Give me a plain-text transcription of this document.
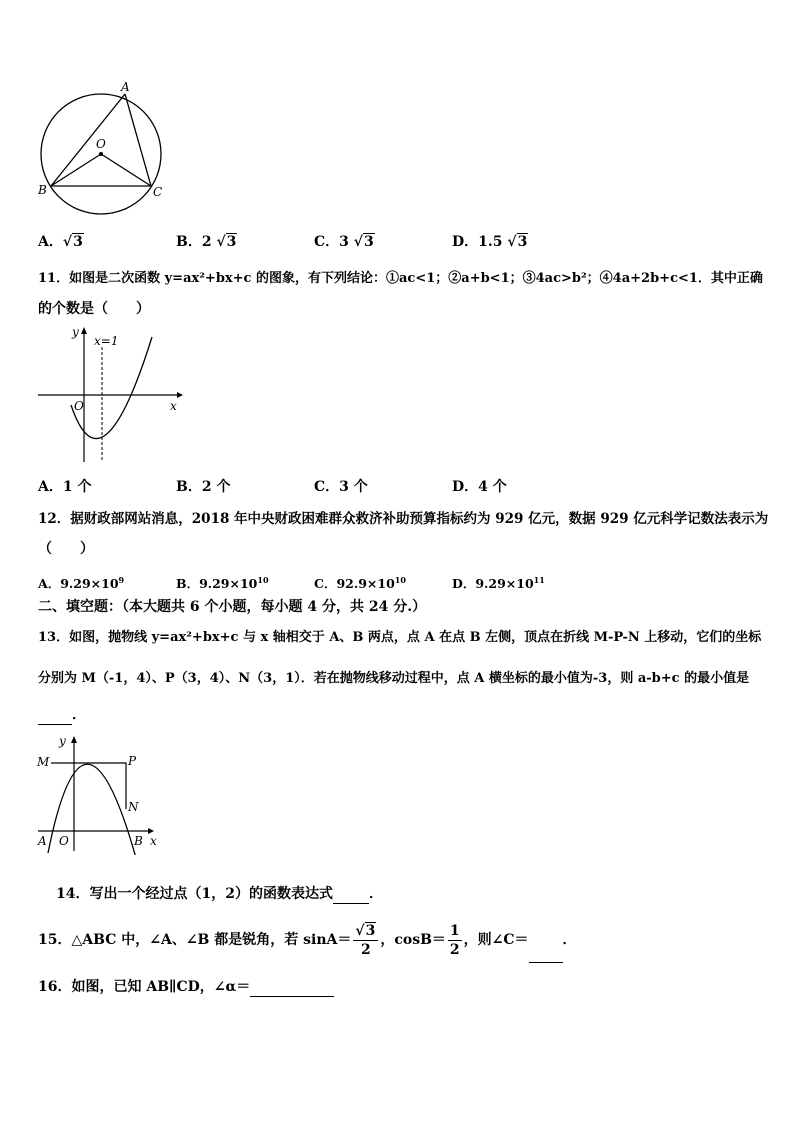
A
O
B	C
A．√3	B．2 √3	C．3 √3	D．1.5 √3
11．如图是二次函数 y=ax²+bx+c 的图象，有下列结论：①ac<1；②a+b<1；③4ac>b²；④4a+2b+c<1．其中正确
的个数是（　　）
y
x=1
O	x
A．1 个	B．2 个	C．3 个	D．4 个
12．据财政部网站消息，2018 年中央财政困难群众救济补助预算指标约为 929 亿元，数据 929 亿元科学记数法表示为
（　　）
A．$9.29\times 10^9$	B．$9.29\times 10^{10}$	C．$92.9\times 10^{10}$	D．$9.29\times 10^{11}$
二、填空题：（本大题共 6 个小题，每小题 4 分，共 24 分.）
13．如图，抛物线 y=ax²+bx+c 与 x 轴相交于 A、B 两点，点 A 在点 B 左侧，顶点在折线 M-P-N 上移动，它们的坐标
分别为 M（-1，4）、P（3，4）、N（3，1）．若在抛物线移动过程中，点 A 横坐标的最小值为-3，则 a-b+c 的最小值是
．
y
M	P
N
A O	B x
14．写出一个经过点（1，2）的函数表达式	．
15．△ABC 中，∠A、∠B 都是锐角，若 $\sin A= \frac{√3}{2}$ ，$\cos B= \frac{1}{2}$ ，则∠C＝ ．
16．如图，已知 AB∥CD，∠α＝
